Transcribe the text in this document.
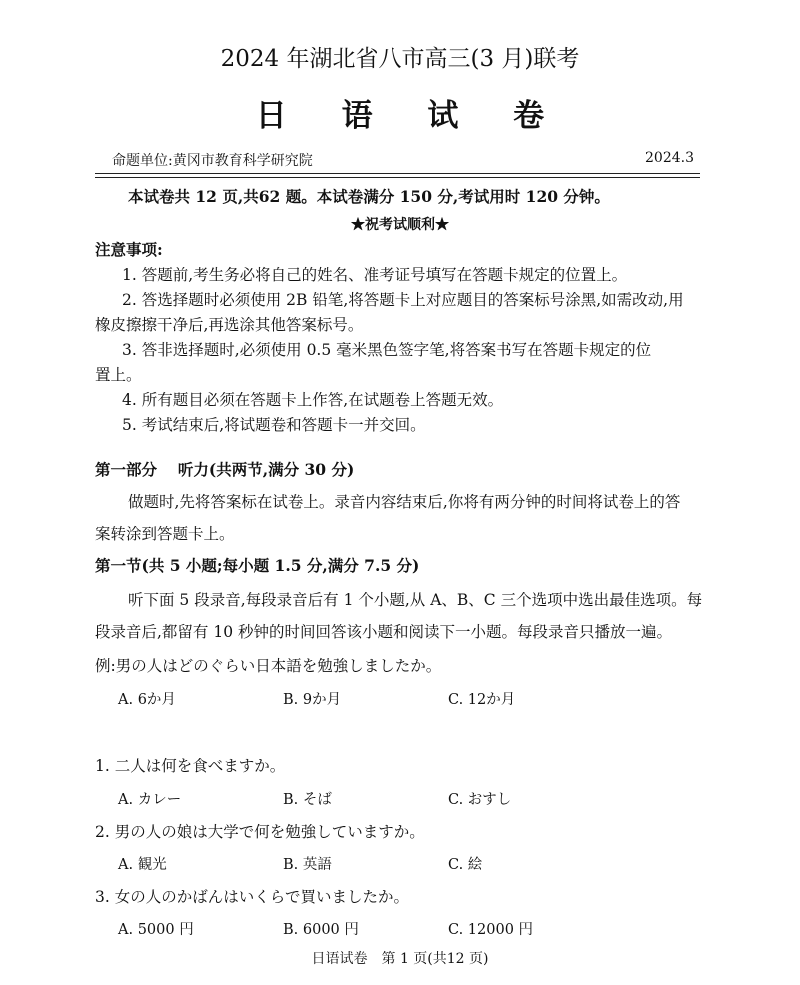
2024 年湖北省八市高三(3 月)联考
日 语 试 卷
命题单位:黄冈市教育科学研究院	2024.3
本试卷共 12 页,共62 题。本试卷满分 150 分,考试用时 120 分钟。
★祝考试顺利★
注意事项:
1. 答题前,考生务必将自己的姓名、准考证号填写在答题卡规定的位置上。
2. 答选择题时必须使用 2B 铅笔,将答题卡上对应题目的答案标号涂黑,如需改动,用
橡皮擦擦干净后,再选涂其他答案标号。
3. 答非选择题时,必须使用 0.5 毫米黑色签字笔,将答案书写在答题卡规定的位
置上。
4. 所有题目必须在答题卡上作答,在试题卷上答题无效。
5. 考试结束后,将试题卷和答题卡一并交回。
第一部分　 听力(共两节,满分 30 分)
做题时,先将答案标在试卷上。录音内容结束后,你将有两分钟的时间将试卷上的答
案转涂到答题卡上。
第一节(共 5 小题;每小题 1.5 分,满分 7.5 分)
听下面 5 段录音,每段录音后有 1 个小题,从 A、B、C 三个选项中选出最佳选项。每
段录音后,都留有 10 秒钟的时间回答该小题和阅读下一小题。每段录音只播放一遍。
例:男の人はどのぐらい日本語を勉強しましたか。
A. 6か月	B. 9か月	C. 12か月
1. 二人は何を食べますか。
A. カレー	B. そば	C. おすし
2. 男の人の娘は大学で何を勉強していますか。
A. 観光	B. 英語	C. 絵
3. 女の人のかばんはいくらで買いましたか。
A. 5000 円	B. 6000 円	C. 12000 円
日语试卷　第 1 页(共12 页)
